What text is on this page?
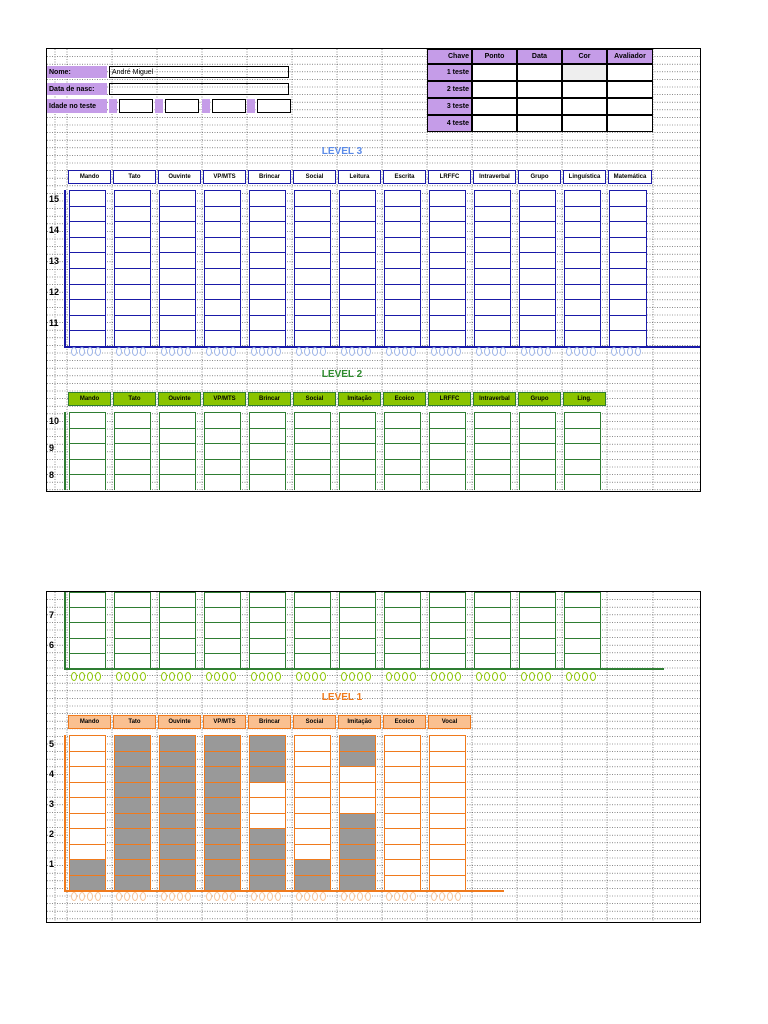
Nome:	André Miguel
Data de nasc:
Idade no teste
Chave	Ponto	Data	Cor	Avaliador
1 teste
2 teste
3 teste
4 teste
LEVEL 3
Mando	Tato	Ouvinte	VP/MTS	Brincar	Social	Leitura	Escrita	LRFFC	Intraverbal	Grupo	Linguística	Matemática
15
14
13
12
11
LEVEL 2
Mando	Tato	Ouvinte	VP/MTS	Brincar	Social	Imitação	Ecoico	LRFFC	Intraverbal	Grupo	Ling.
10
9
8
7
6
LEVEL 1
Mando	Tato	Ouvinte	VP/MTS	Brincar	Social	Imitação	Ecoico	Vocal
5
4
3
2
1
